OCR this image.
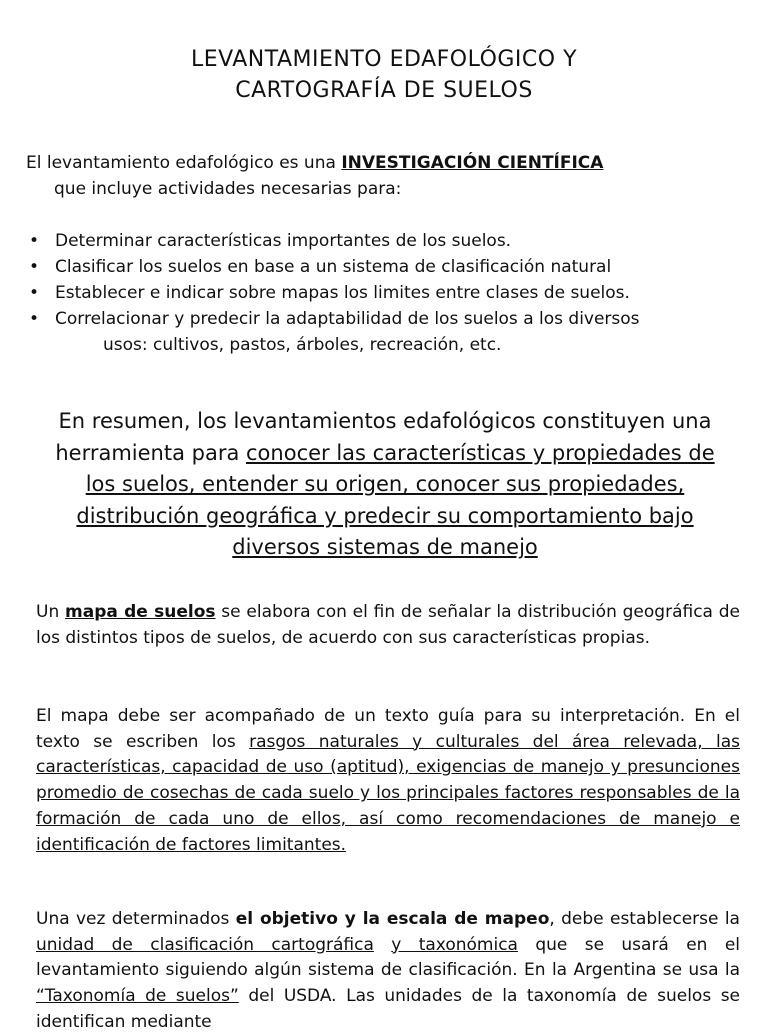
LEVANTAMIENTO EDAFOLÓGICO Y
CARTOGRAFÍA DE SUELOS
El levantamiento edafológico es una INVESTIGACIÓN CIENTÍFICA
que incluye actividades necesarias para:
• Determinar características importantes de los suelos.
• Clasificar los suelos en base a un sistema de clasificación natural
• Establecer e indicar sobre mapas los limites entre clases de suelos.
• Correlacionar y predecir la adaptabilidad de los suelos a los diversos
usos: cultivos, pastos, árboles, recreación, etc.
En resumen, los levantamientos edafológicos constituyen una herramienta para conocer las características y propiedades de los suelos, entender su origen, conocer sus propiedades, distribución geográfica y predecir su comportamiento bajo diversos sistemas de manejo
Un mapa de suelos se elabora con el fin de señalar la distribución geográfica de los distintos tipos de suelos, de acuerdo con sus características propias.
El mapa debe ser acompañado de un texto guía para su interpretación. En el texto se escriben los rasgos naturales y culturales del área relevada, las características, capacidad de uso (aptitud), exigencias de manejo y presunciones promedio de cosechas de cada suelo y los principales factores responsables de la formación de cada uno de ellos, así como recomendaciones de manejo e identificación de factores limitantes.
Una vez determinados el objetivo y la escala de mapeo, debe establecerse la unidad de clasificación cartográfica y taxonómica que se usará en el levantamiento siguiendo algún sistema de clasificación. En la Argentina se usa la “Taxonomía de suelos” del USDA. Las unidades de la taxonomía de suelos se identifican mediante
